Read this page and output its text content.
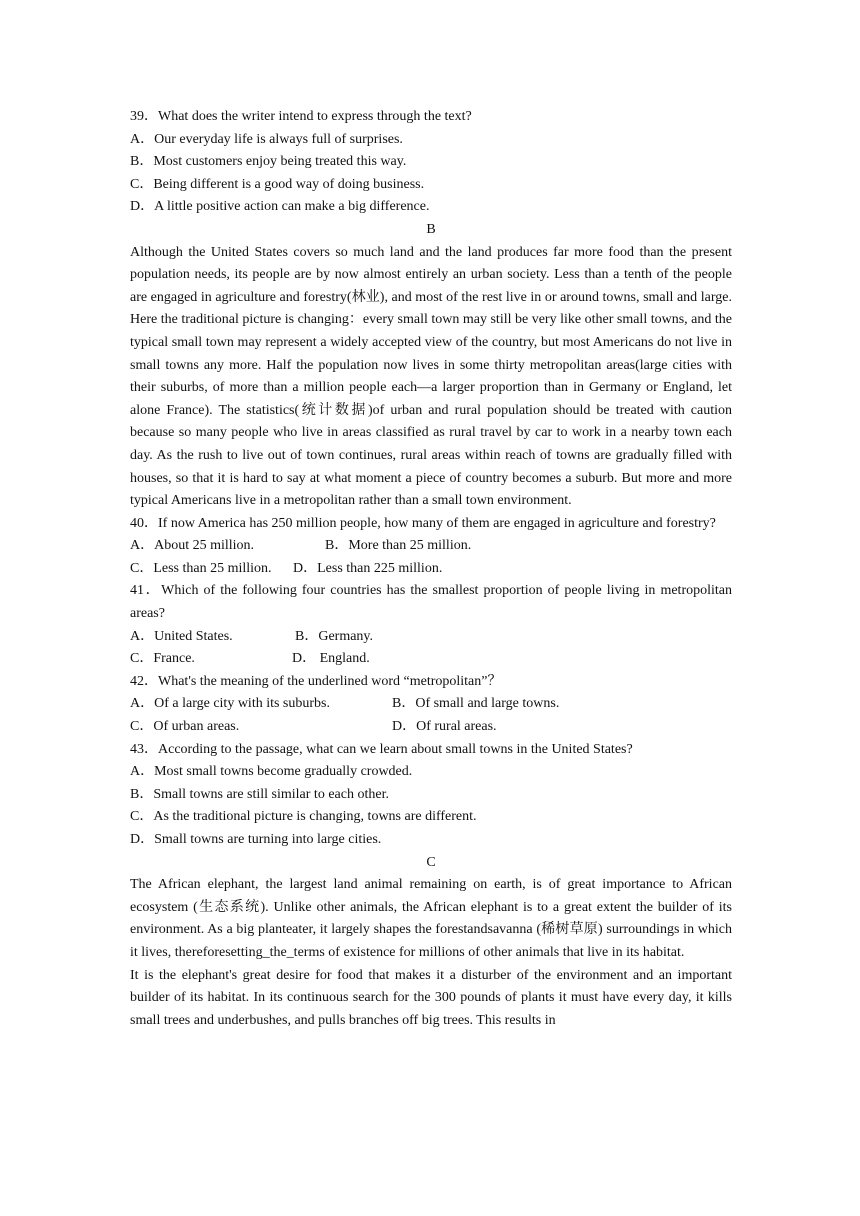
39．What does the writer intend to express through the text?
A．Our everyday life is always full of surprises.
B．Most customers enjoy being treated this way.
C．Being different is a good way of doing business.
D．A little positive action can make a big difference.
B
Although the United States covers so much land and the land produces far more food than the present population needs, its people are by now almost entirely an urban society. Less than a tenth of the people are engaged in agriculture and forestry(林业), and most of the rest live in or around towns, small and large. Here the traditional picture is changing：every small town may still be very like other small towns, and the typical small town may represent a widely accepted view of the country, but most Americans do not live in small towns any more. Half the population now lives in some thirty metropolitan areas(large cities with their suburbs, of more than a million people each—a larger proportion than in Germany or England, let alone France). The statistics(统计数据)of urban and rural population should be treated with caution because so many people who live in areas classified as rural travel by car to work in a nearby town each day. As the rush to live out of town continues, rural areas within reach of towns are gradually filled with houses, so that it is hard to say at what moment a piece of country becomes a suburb. But more and more typical Americans live in a metropolitan rather than a small town environment.
40．If now America has 250 million people, how many of them are engaged in agriculture and forestry?
A．About 25 million.	B．More than 25 million.
C．Less than 25 million.	D．Less than 225 million.
41．Which of the following four countries has the smallest proportion of people living in metropolitan areas?
A．United States.	B．Germany.
C．France.	D． England.
42．What's the meaning of the underlined word “metropolitan”？
A．Of a large city with its suburbs.	B．Of small and large towns.
C．Of urban areas.	D．Of rural areas.
43．According to the passage, what can we learn about small towns in the United States?
A．Most small towns become gradually crowded.
B．Small towns are still similar to each other.
C．As the traditional picture is changing, towns are different.
D．Small towns are turning into large cities.
C
The African elephant, the largest land animal remaining on earth, is of great importance to African ecosystem (生态系统). Unlike other animals, the African elephant is to a great extent the builder of its environment. As a big planteater, it largely shapes the forestandsavanna (稀树草原) surroundings in which it lives, thereforesetting_the_terms of existence for millions of other animals that live in its habitat.
It is the elephant's great desire for food that makes it a disturber of the environment and an important builder of its habitat. In its continuous search for the 300 pounds of plants it must have every day, it kills small trees and underbushes, and pulls branches off big trees. This results in
